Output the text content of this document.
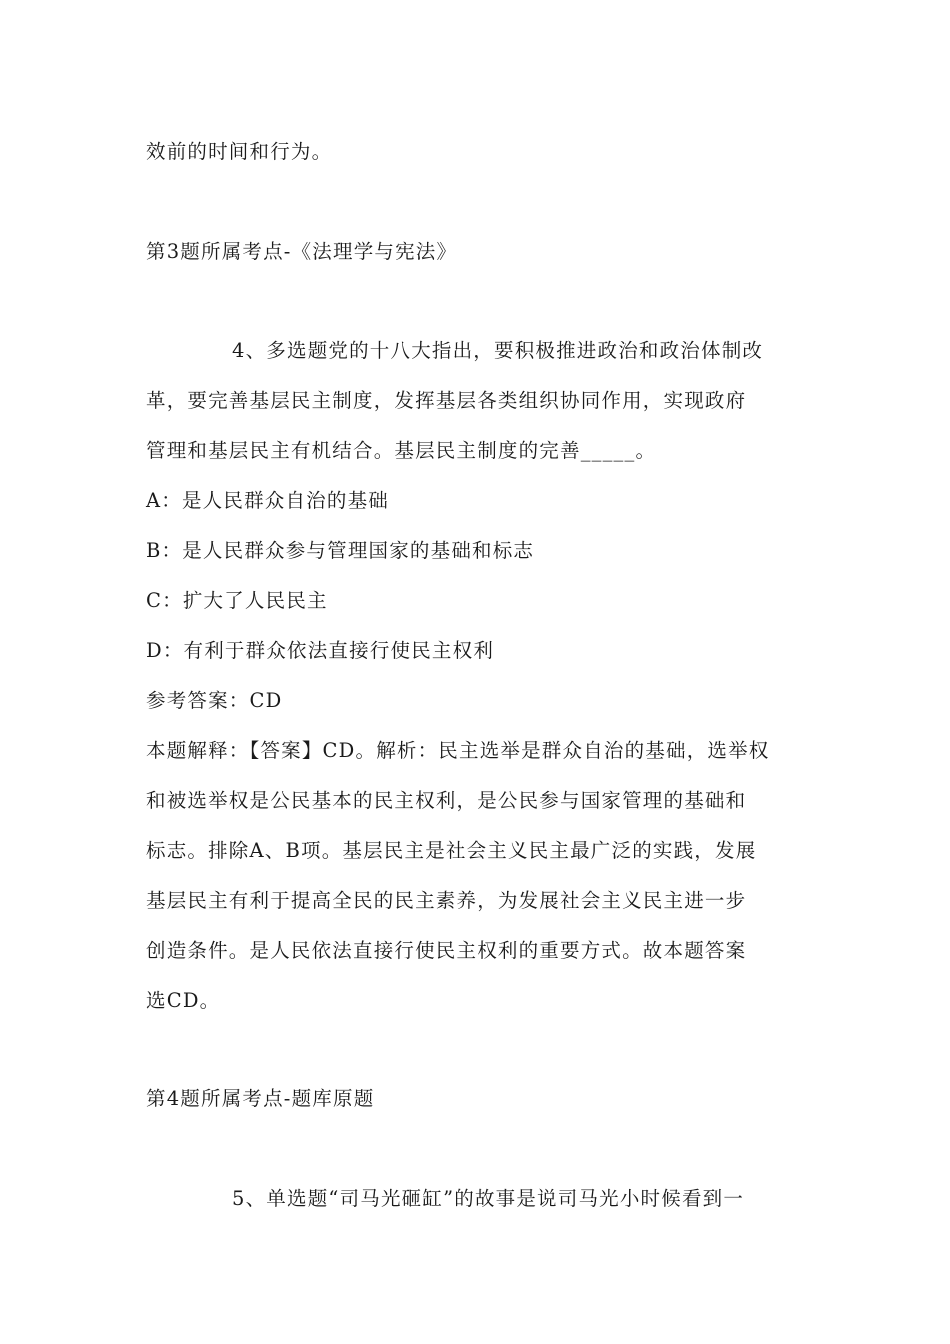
效前的时间和行为。
第3题所属考点-《法理学与宪法》
4、多选题党的十八大指出，要积极推进政治和政治体制改
革，要完善基层民主制度，发挥基层各类组织协同作用，实现政府
管理和基层民主有机结合。基层民主制度的完善_____。
A：是人民群众自治的基础
B：是人民群众参与管理国家的基础和标志
C：扩大了人民民主
D：有利于群众依法直接行使民主权利
参考答案：CD
本题解释：【答案】CD。解析：民主选举是群众自治的基础，选举权
和被选举权是公民基本的民主权利，是公民参与国家管理的基础和
标志。排除A、B项。基层民主是社会主义民主最广泛的实践，发展
基层民主有利于提高全民的民主素养，为发展社会主义民主进一步
创造条件。是人民依法直接行使民主权利的重要方式。故本题答案
选CD。
第4题所属考点-题库原题
5、单选题“司马光砸缸”的故事是说司马光小时候看到一
